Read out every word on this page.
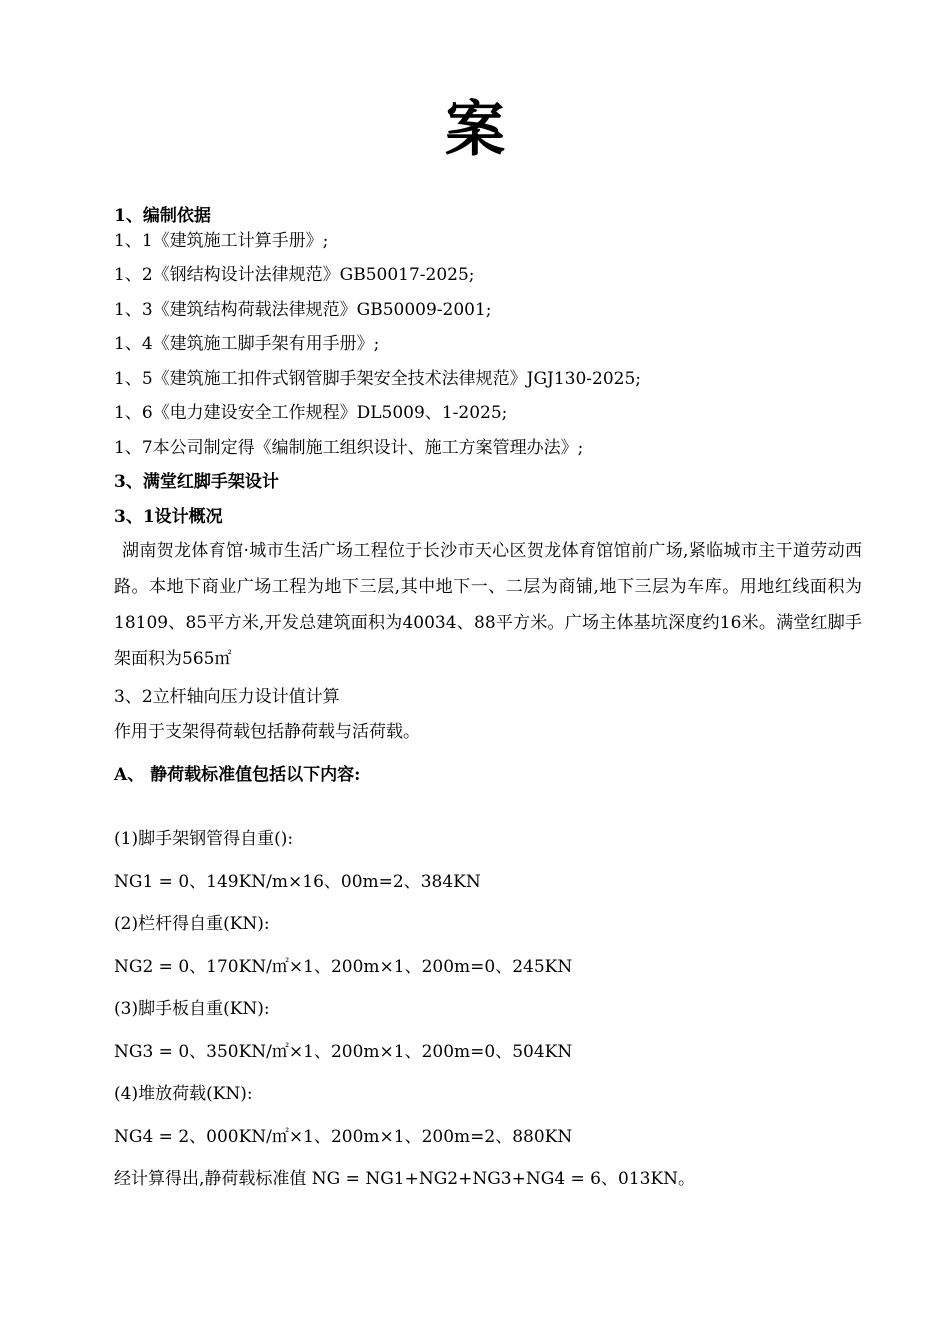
案
1、编制依据
1、1《建筑施工计算手册》;
1、2《钢结构设计法律规范》GB50017-2025;
1、3《建筑结构荷载法律规范》GB50009-2001;
1、4《建筑施工脚手架有用手册》;
1、5《建筑施工扣件式钢管脚手架安全技术法律规范》JGJ130-2025;
1、6《电力建设安全工作规程》DL5009、1-2025;
1、7本公司制定得《编制施工组织设计、施工方案管理办法》;
3、满堂红脚手架设计
3、1设计概况
湖南贺龙体育馆·城市生活广场工程位于长沙市天心区贺龙体育馆馆前广场,紧临城市主干道劳动西路。本地下商业广场工程为地下三层,其中地下一、二层为商铺,地下三层为车库。用地红线面积为18109、85平方米,开发总建筑面积为40034、88平方米。广场主体基坑深度约16米。满堂红脚手架面积为565㎡
3、2立杆轴向压力设计值计算
作用于支架得荷载包括静荷载与活荷载。
A、 静荷载标准值包括以下内容:
(1)脚手架钢管得自重():
NG1 = 0、149KN/m×16、00m=2、384KN
(2)栏杆得自重(KN):
NG2 = 0、170KN/㎡×1、200m×1、200m=0、245KN
(3)脚手板自重(KN):
NG3 = 0、350KN/㎡×1、200m×1、200m=0、504KN
(4)堆放荷载(KN):
NG4 = 2、000KN/㎡×1、200m×1、200m=2、880KN
经计算得出,静荷载标准值 NG = NG1+NG2+NG3+NG4 = 6、013KN。
